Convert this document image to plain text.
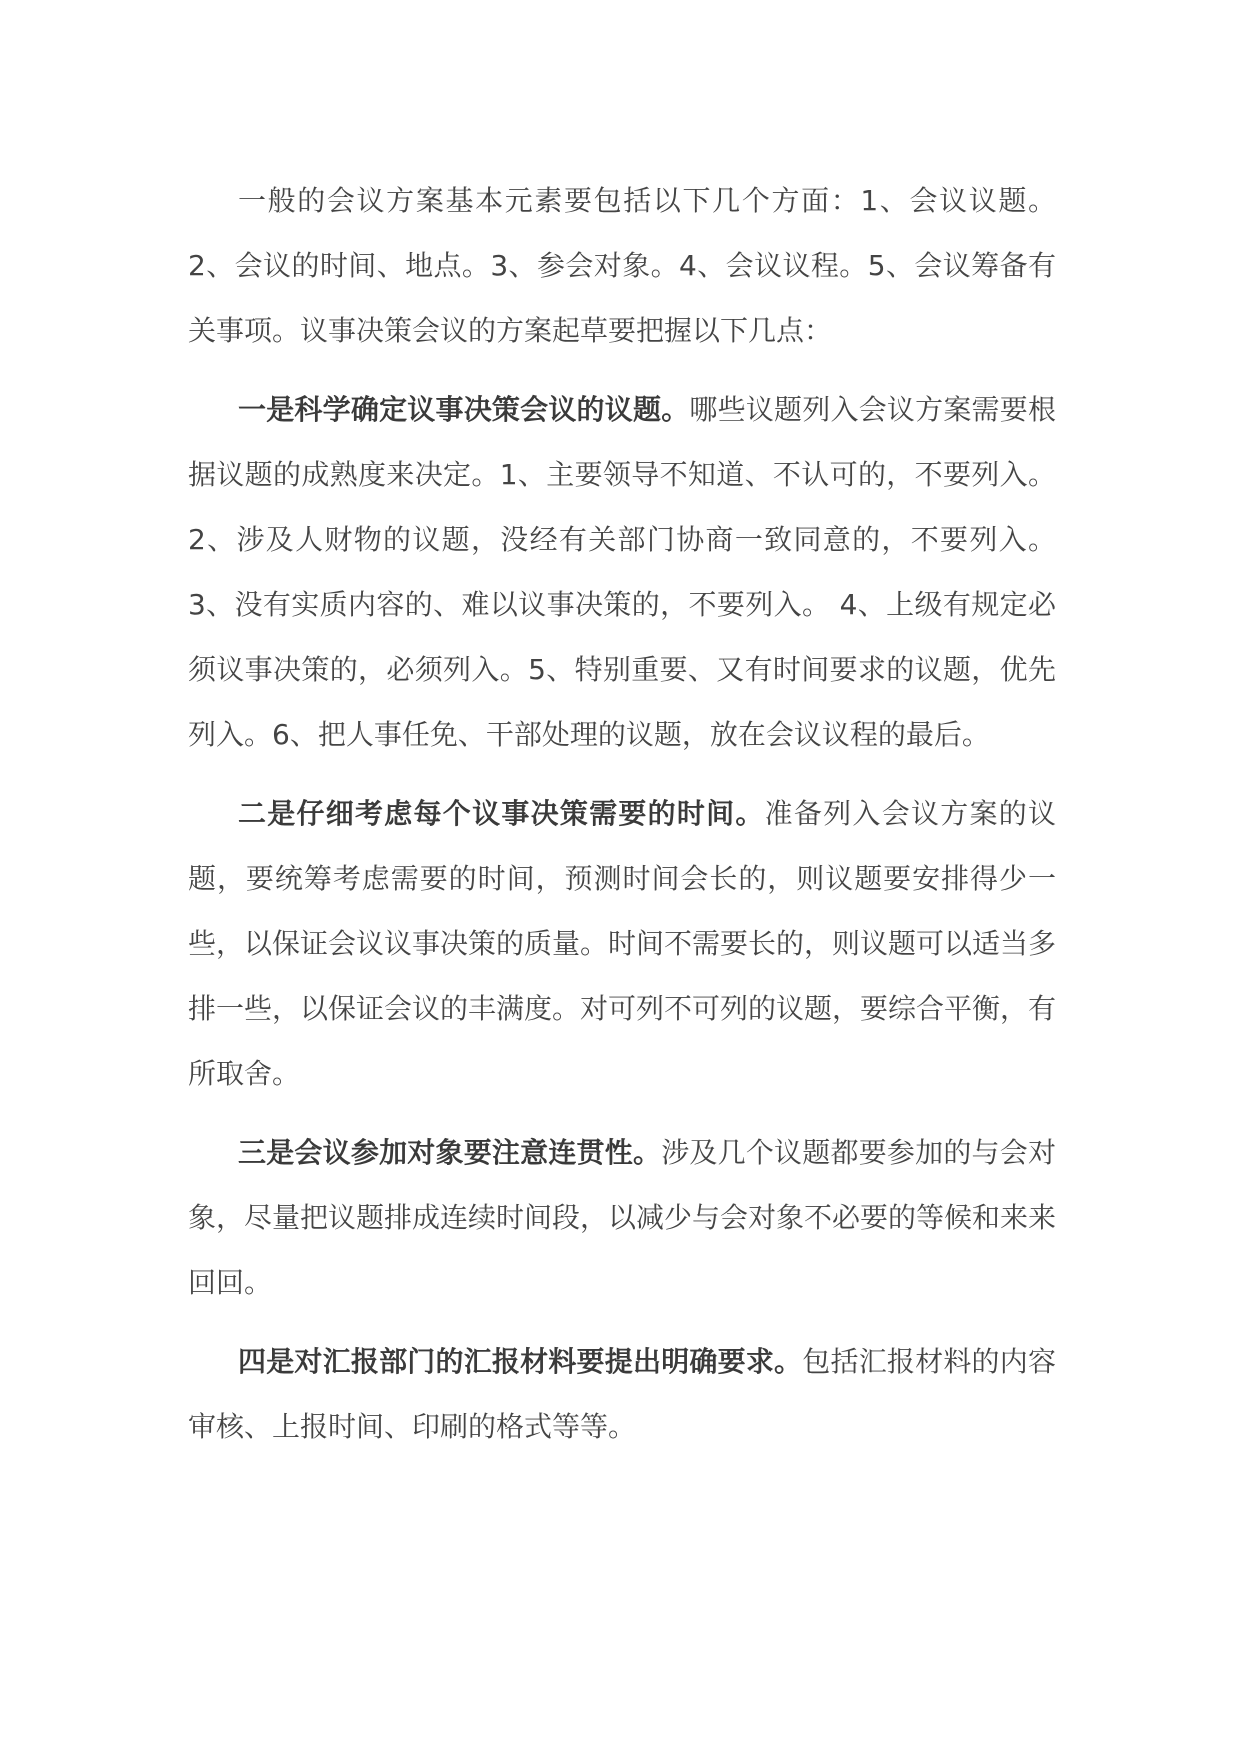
一般的会议方案基本元素要包括以下几个方面：1、会议议题。2、会议的时间、地点。3、参会对象。4、会议议程。5、会议筹备有关事项。议事决策会议的方案起草要把握以下几点：

一是科学确定议事决策会议的议题。哪些议题列入会议方案需要根据议题的成熟度来决定。1、主要领导不知道、不认可的，不要列入。2、涉及人财物的议题，没经有关部门协商一致同意的，不要列入。3、没有实质内容的、难以议事决策的，不要列入。 4、上级有规定必须议事决策的，必须列入。5、特别重要、又有时间要求的议题，优先列入。6、把人事任免、干部处理的议题，放在会议议程的最后。

二是仔细考虑每个议事决策需要的时间。准备列入会议方案的议题，要统筹考虑需要的时间，预测时间会长的，则议题要安排得少一些，以保证会议议事决策的质量。时间不需要长的，则议题可以适当多排一些，以保证会议的丰满度。对可列不可列的议题，要综合平衡，有所取舍。

三是会议参加对象要注意连贯性。涉及几个议题都要参加的与会对象，尽量把议题排成连续时间段，以减少与会对象不必要的等候和来来回回。

四是对汇报部门的汇报材料要提出明确要求。包括汇报材料的内容审核、上报时间、印刷的格式等等。
